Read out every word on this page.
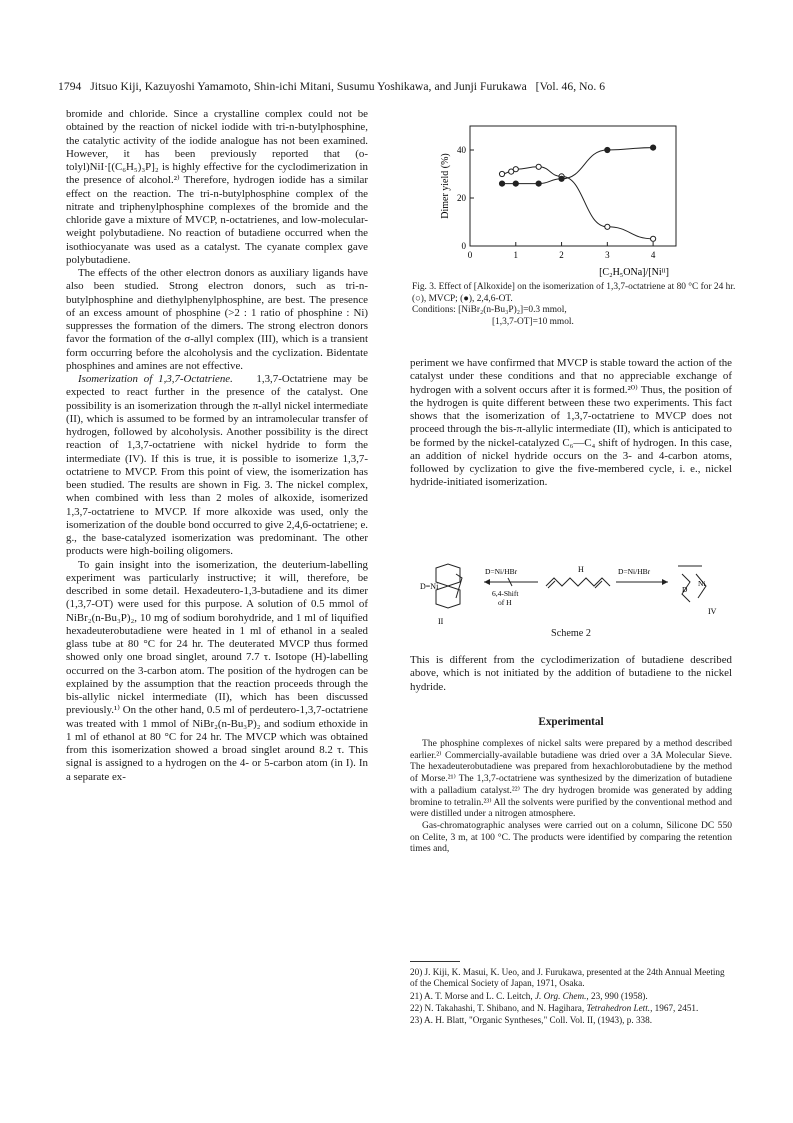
1794 Jitsuo Kiji, Kazuyoshi Yamamoto, Shin-ichi Mitani, Susumu Yoshikawa, and Junji Furukawa [Vol. 46, No. 6

bromide and chloride. Since a crystalline complex could not be obtained by the reaction of nickel iodide with tri-n-butylphosphine, the catalytic activity of the iodide analogue has not been examined. However, it has been previously reported that (o-tolyl)NiI·[(C₆H₅)₃P]₂ is highly effective for the cyclodimerization in the presence of alcohol.²⁾ Therefore, hydrogen iodide has a similar effect on the reaction. The tri-n-butylphosphine complex of the nitrate and triphenylphosphine complexes of the bromide and the chloride gave a mixture of MVCP, n-octatrienes, and low-molecular-weight polybutadiene. No reaction of butadiene occurred when the isothiocyanate was used as a catalyst. The cyanate complex gave polybutadiene.

The effects of the other electron donors as auxiliary ligands have also been studied. Strong electron donors, such as tri-n-butylphosphine and diethylphenylphosphine, are best. The presence of an excess amount of phosphine (>2 : 1 ratio of phosphine : Ni) suppresses the formation of the dimers. The strong electron donors favor the formation of the σ-allyl complex (III), which is a transient form occurring before the alcoholysis and the cyclization. Bidentate phosphines and amines are not effective.

Isomerization of 1,3,7-Octatriene. 1,3,7-Octatriene may be expected to react further in the presence of the catalyst. One possibility is an isomerization through the π-allyl nickel intermediate (II), which is assumed to be formed by an intramolecular transfer of hydrogen, followed by alcoholysis. Another possibility is the direct reaction of 1,3,7-octatriene with nickel hydride to form the intermediate (IV). If this is true, it is possible to isomerize 1,3,7-octatriene to MVCP. From this point of view, the isomerization has been studied. The results are shown in Fig. 3. The nickel complex, when combined with less than 2 moles of alkoxide, isomerized 1,3,7-octatriene to MVCP. If more alkoxide was used, only the isomerization of the double bond occurred to give 2,4,6-octatriene; e. g., the base-catalyzed isomerization was predominant. The other products were high-boiling oligomers.

To gain insight into the isomerization, the deuterium-labelling experiment was particularly instructive; it will, therefore, be described in some detail. Hexadeutero-1,3-butadiene and its dimer (1,3,7-OT) were used for this purpose. A solution of 0.5 mmol of NiBr₂(n-Bu₃P)₂, 10 mg of sodium borohydride, and 1 ml of liquified hexadeuterobutadiene were heated in 1 ml of ethanol in a sealed glass tube at 80 °C for 24 hr. The deuterated MVCP thus formed showed only one broad singlet, around 7.7 τ. Isotope (H)-labelling occurred on the 3-carbon atom. The position of the hydrogen can be explained by the assumption that the reaction proceeds through the bis-allylic nickel intermediate (II), which has been discussed previously.¹⁾ On the other hand, 0.5 ml of perdeutero-1,3,7-octatriene was treated with 1 mmol of NiBr₂(n-Bu₃P)₂ and sodium ethoxide in 1 ml of ethanol at 80 °C for 24 hr. The MVCP which was obtained from this isomerization showed a broad singlet around 8.2 τ. This signal is assigned to a hydrogen on the 4- or 5-carbon atom (in I). In a separate ex-

0	1	2	3	4
0
20
40
Dimer yield (%)
[C₂H₅ONa]/[Niᴵᴵ]

Fig. 3. Effect of [Alkoxide] on the isomerization of 1,3,7-octatriene at 80 °C for 24 hr.

(○), MVCP; (●), 2,4,6-OT.

Conditions: [NiBr₂(n-Bu₃P)₂]=0.3 mmol,

[1,3,7-OT]=10 mmol.

periment we have confirmed that MVCP is stable toward the action of the catalyst under these conditions and that no appreciable exchange of hydrogen with a solvent occurs after it is formed.²⁰⁾ Thus, the position of the hydrogen is quite different between these two experiments. This fact shows that the isomerization of 1,3,7-octatriene to MVCP does not proceed through the bis-π-allylic intermediate (II), which is anticipated to be formed by the nickel-catalyzed C₆—C₄ shift of hydrogen. In this case, an addition of nickel hydride occurs on the 3- and 4-carbon atoms, followed by cyclization to give the five-membered cycle, i. e., nickel hydride-initiated isomerization.

D=Ni
II
D=Ni/HBr
6,4-Shift
of H
H	D=Ni/HBr
Ni
D
IV
Scheme 2

This is different from the cyclodimerization of butadiene described above, which is not initiated by the addition of butadiene to the nickel hydride.

Experimental

The phosphine complexes of nickel salts were prepared by a method described earlier.²⁾ Commercially-available butadiene was dried over a 3A Molecular Sieve. The hexadeuterobutadiene was prepared from hexachlorobutadiene by the method of Morse.²¹⁾ The 1,3,7-octatriene was synthesized by the dimerization of butadiene with a palladium catalyst.²²⁾ The dry hydrogen bromide was generated by adding bromine to tetralin.²³⁾ All the solvents were purified by the conventional method and were distilled under a nitrogen atmosphere.

Gas-chromatographic analyses were carried out on a column, Silicone DC 550 on Celite, 3 m, at 100 °C. The products were identified by comparing the retention times and,

20) J. Kiji, K. Masui, K. Ueo, and J. Furukawa, presented at the 24th Annual Meeting of the Chemical Society of Japan, 1971, Osaka.

21) A. T. Morse and L. C. Leitch, J. Org. Chem., 23, 990 (1958).

22) N. Takahashi, T. Shibano, and N. Hagihara, Tetrahedron Lett., 1967, 2451.

23) A. H. Blatt, "Organic Syntheses," Coll. Vol. II, (1943), p. 338.
